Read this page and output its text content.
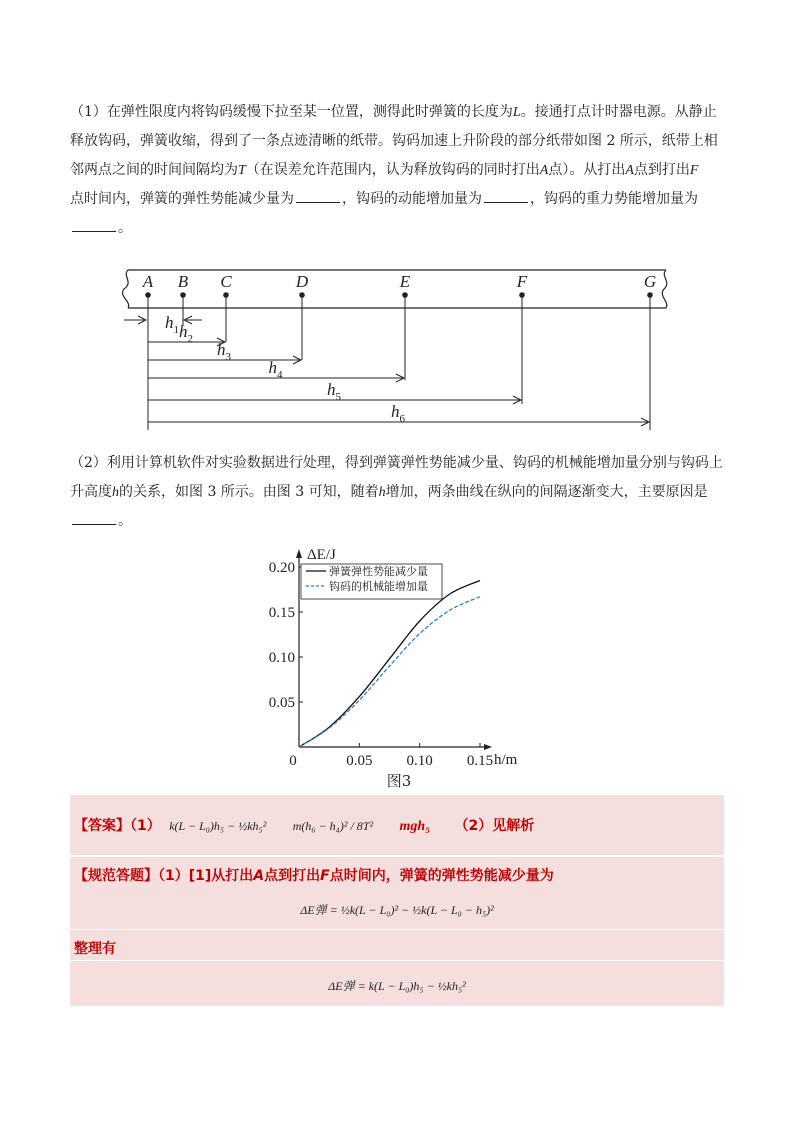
（1）在弹性限度内将钩码缓慢下拉至某一位置，测得此时弹簧的长度为L。接通打点计时器电源。从静止
释放钩码，弹簧收缩，得到了一条点迹清晰的纸带。钩码加速上升阶段的部分纸带如图 2 所示，纸带上相
邻两点之间的时间间隔均为T（在误差允许范围内，认为释放钩码的同时打出A点）。从打出A点到打出F
点时间内，弹簧的弹性势能减少量为	，钩码的动能增加量为	，钩码的重力势能增加量为
。
A B C	D	E	F	G
$h_1$ $h_2$
$h_3$
$h_4$
$h_5$
$h_6$
（2）利用计算机软件对实验数据进行处理，得到弹簧弹性势能减少量、钩码的机械能增加量分别与钩码上
升高度h的关系，如图 3 所示。由图 3 可知，随着h增加，两条曲线在纵向的间隔逐渐变大，主要原因是
。
ΔE/J
h/m
0	0.05 0.10 0.15
0.05
0.10
0.15
0.20	弹簧弹性势能减少量
钩码的机械能增加量
图3
【答案】（1） k(L − L₀)h₅ − ½kh₅² m(h₆ − h₄)² / 8T² mgh₅ （2）见解析
【规范答题】（1）[1]从打出A点到打出F点时间内，弹簧的弹性势能减少量为
ΔE弹 = ½k(L − L₀)² − ½k(L − L₀ − h₅)²
整理有
ΔE弹 = k(L − L₀)h₅ − ½kh₅²
